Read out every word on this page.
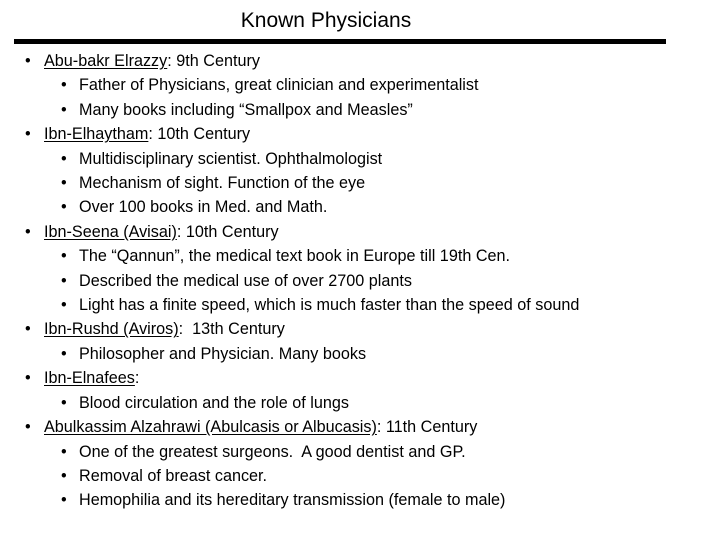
Known Physicians
• Abu-bakr Elrazzy: 9th Century
• Father of Physicians, great clinician and experimentalist
• Many books including “Smallpox and Measles”
• Ibn-Elhaytham: 10th Century
• Multidisciplinary scientist. Ophthalmologist
• Mechanism of sight. Function of the eye
• Over 100 books in Med. and Math.
• Ibn-Seena (Avisai): 10th Century
• The “Qannun”, the medical text book in Europe till 19th Cen.
• Described the medical use of over 2700 plants
• Light has a finite speed, which is much faster than the speed of sound
• Ibn-Rushd (Aviros):  13th Century
• Philosopher and Physician. Many books
• Ibn-Elnafees:
• Blood circulation and the role of lungs
• Abulkassim Alzahrawi (Abulcasis or Albucasis): 11th Century
• One of the greatest surgeons.  A good dentist and GP.
• Removal of breast cancer.
• Hemophilia and its hereditary transmission (female to male)
